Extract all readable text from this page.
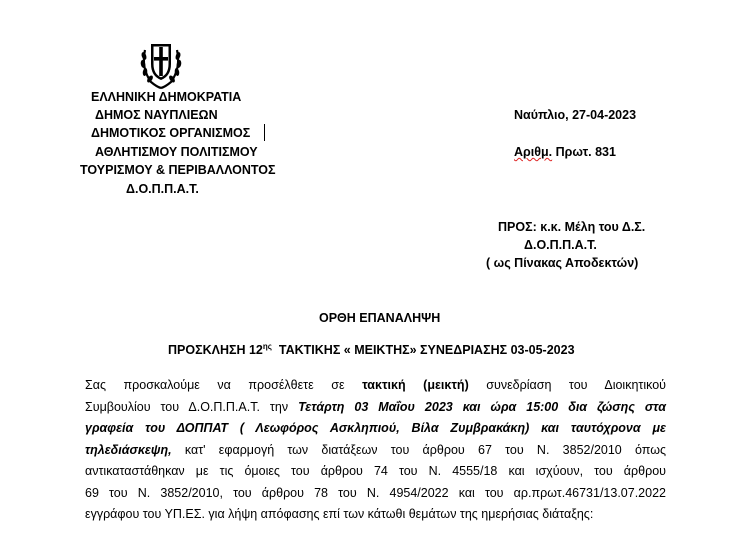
ΕΛΛΗΝΙΚΗ ΔΗΜΟΚΡΑΤΙΑ
ΔΗΜΟΣ ΝΑΥΠΛΙΕΩΝ
ΔΗΜΟΤΙΚΟΣ ΟΡΓΑΝΙΣΜΟΣ
ΑΘΛΗΤΙΣΜΟΥ ΠΟΛΙΤΙΣΜΟΥ
ΤΟΥΡΙΣΜΟΥ & ΠΕΡΙΒΑΛΛΟΝΤΟΣ
Δ.Ο.Π.Π.Α.Τ.
Ναύπλιο, 27-04-2023
Αριθμ. Πρωτ. 831
ΠΡΟΣ: κ.κ. Μέλη του Δ.Σ.
Δ.Ο.Π.Π.Α.Τ.
( ως Πίνακας Αποδεκτών)
ΟΡΘΗ ΕΠΑΝΑΛΗΨΗ
ΠΡΟΣΚΛΗΣΗ $12^{\eta\varsigma}$ ΤΑΚΤΙΚΗΣ « ΜΕΙΚΤΗΣ» ΣΥΝΕΔΡΙΑΣΗΣ 03-05-2023
Σας προσκαλούμε να προσέλθετε σε τακτική (μεικτή) συνεδρίαση του Διοικητικού
Συμβουλίου του Δ.Ο.Π.Π.Α.Τ. την Τετάρτη 03 Μαΐου 2023 και ώρα 15:00 δια ζώσης στα
γραφεία του ΔΟΠΠΑΤ ( Λεωφόρος Ασκληπιού, Βίλα Ζυμβρακάκη) και ταυτόχρονα με
τηλεδιάσκεψη, κατ' εφαρμογή των διατάξεων του άρθρου 67 του Ν. 3852/2010 όπως
αντικαταστάθηκαν με τις όμοιες του άρθρου 74 του Ν. 4555/18 και ισχύουν, του άρθρου
69 του Ν. 3852/2010, του άρθρου 78 του Ν. 4954/2022 και του αρ.πρωτ.46731/13.07.2022
εγγράφου του ΥΠ.ΕΣ. για λήψη απόφασης επί των κάτωθι θεμάτων της ημερήσιας διάταξης:
